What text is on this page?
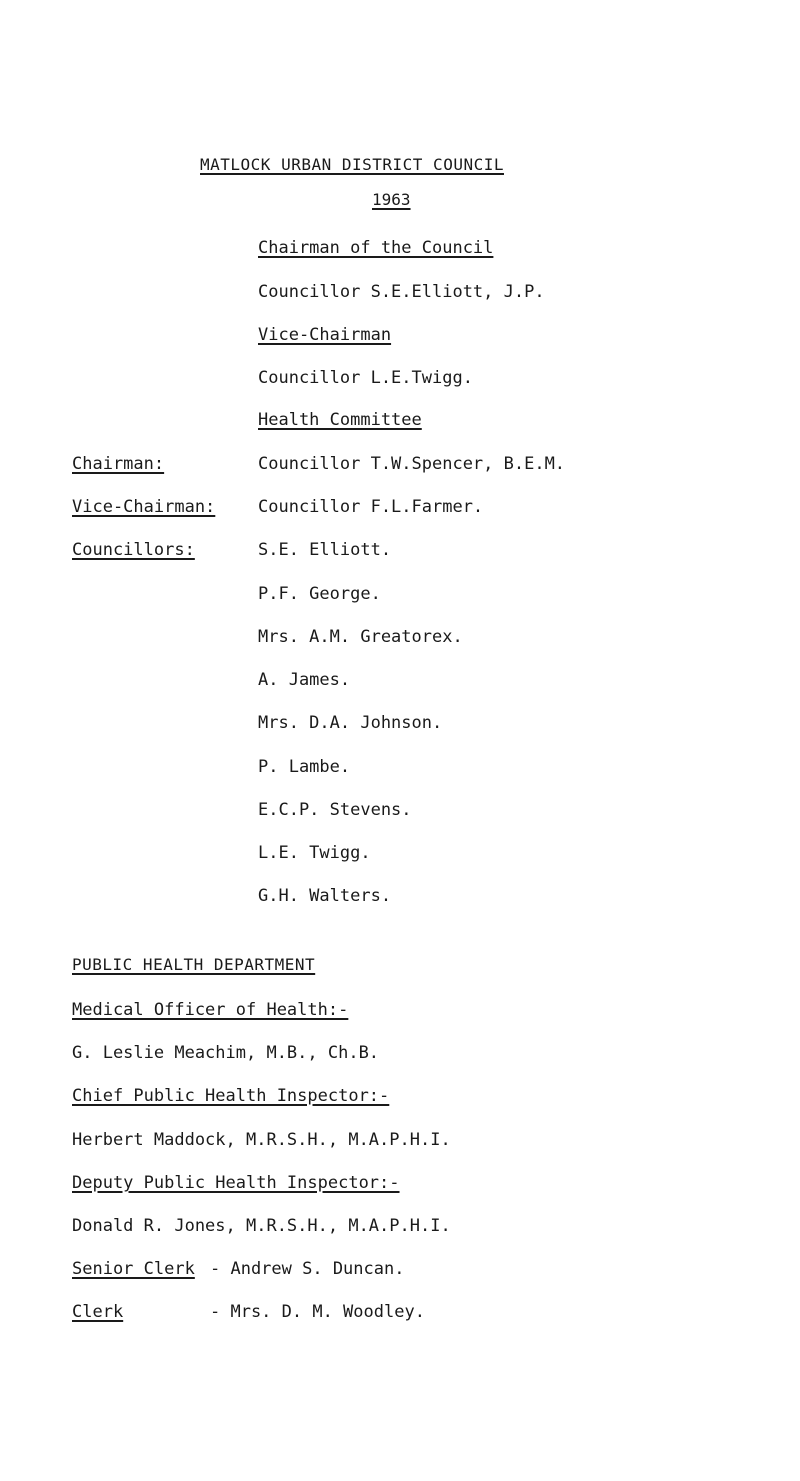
MATLOCK URBAN DISTRICT COUNCIL
1963
Chairman of the Council
Councillor S.E.Elliott, J.P.
Vice-Chairman
Councillor L.E.Twigg.
Health Committee
Chairman:	Councillor T.W.Spencer, B.E.M.
Vice-Chairman:	Councillor F.L.Farmer.
Councillors:	S.E. Elliott.
P.F. George.
Mrs. A.M. Greatorex.
A. James.
Mrs. D.A. Johnson.
P. Lambe.
E.C.P. Stevens.
L.E. Twigg.
G.H. Walters.
PUBLIC HEALTH DEPARTMENT
Medical Officer of Health:-
G. Leslie Meachim, M.B., Ch.B.
Chief Public Health Inspector:-
Herbert Maddock, M.R.S.H., M.A.P.H.I.
Deputy Public Health Inspector:-
Donald R. Jones, M.R.S.H., M.A.P.H.I.
Senior Clerk - Andrew S. Duncan.
Clerk	- Mrs. D. M. Woodley.
